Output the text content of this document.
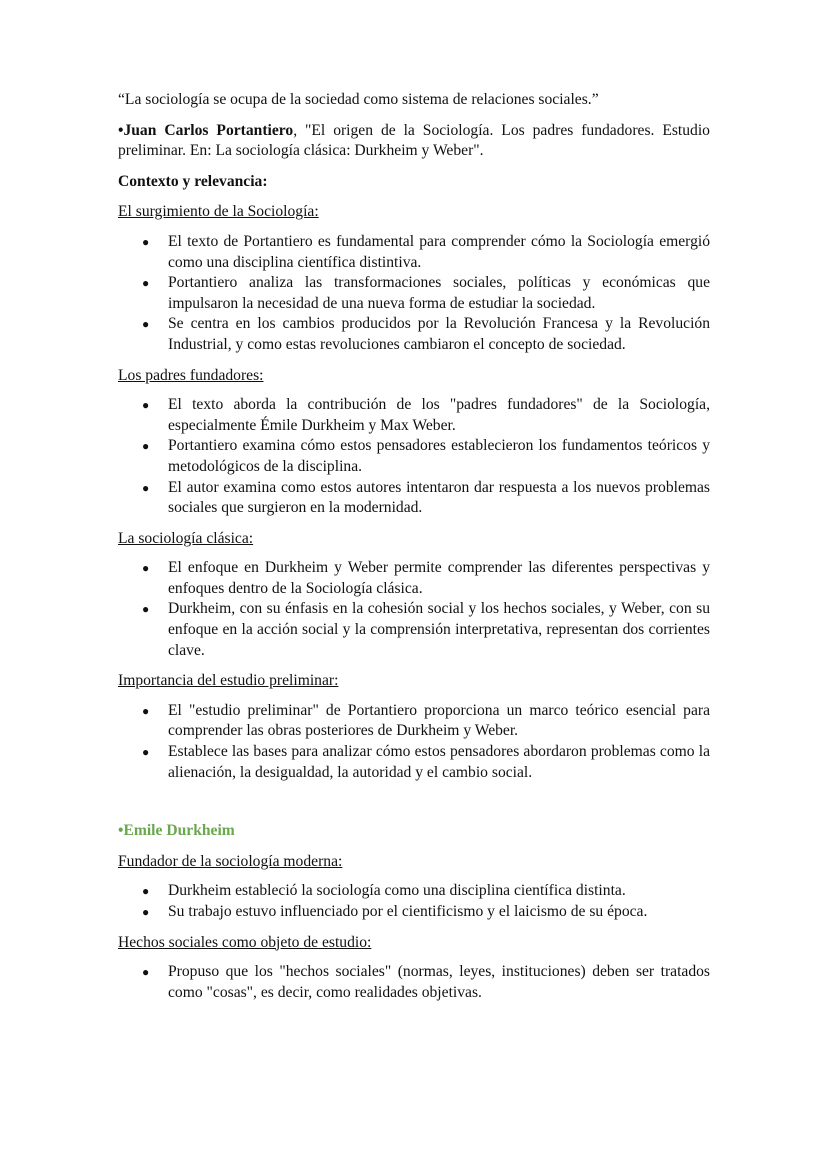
“La sociología se ocupa de la sociedad como sistema de relaciones sociales.”

•Juan Carlos Portantiero, "El origen de la Sociología. Los padres fundadores. Estudio preliminar. En: La sociología clásica: Durkheim y Weber".

Contexto y relevancia:

El surgimiento de la Sociología:

● El texto de Portantiero es fundamental para comprender cómo la Sociología emergió como una disciplina científica distintiva.
● Portantiero analiza las transformaciones sociales, políticas y económicas que impulsaron la necesidad de una nueva forma de estudiar la sociedad.
● Se centra en los cambios producidos por la Revolución Francesa y la Revolución Industrial, y como estas revoluciones cambiaron el concepto de sociedad.

Los padres fundadores:

● El texto aborda la contribución de los "padres fundadores" de la Sociología, especialmente Émile Durkheim y Max Weber.
● Portantiero examina cómo estos pensadores establecieron los fundamentos teóricos y metodológicos de la disciplina.
● El autor examina como estos autores intentaron dar respuesta a los nuevos problemas sociales que surgieron en la modernidad.

La sociología clásica:

● El enfoque en Durkheim y Weber permite comprender las diferentes perspectivas y enfoques dentro de la Sociología clásica.
● Durkheim, con su énfasis en la cohesión social y los hechos sociales, y Weber, con su enfoque en la acción social y la comprensión interpretativa, representan dos corrientes clave.

Importancia del estudio preliminar:

● El "estudio preliminar" de Portantiero proporciona un marco teórico esencial para comprender las obras posteriores de Durkheim y Weber.
● Establece las bases para analizar cómo estos pensadores abordaron problemas como la alienación, la desigualdad, la autoridad y el cambio social.

•Emile Durkheim

Fundador de la sociología moderna:

● Durkheim estableció la sociología como una disciplina científica distinta.
● Su trabajo estuvo influenciado por el cientificismo y el laicismo de su época.

Hechos sociales como objeto de estudio:

● Propuso que los "hechos sociales" (normas, leyes, instituciones) deben ser tratados como "cosas", es decir, como realidades objetivas.
